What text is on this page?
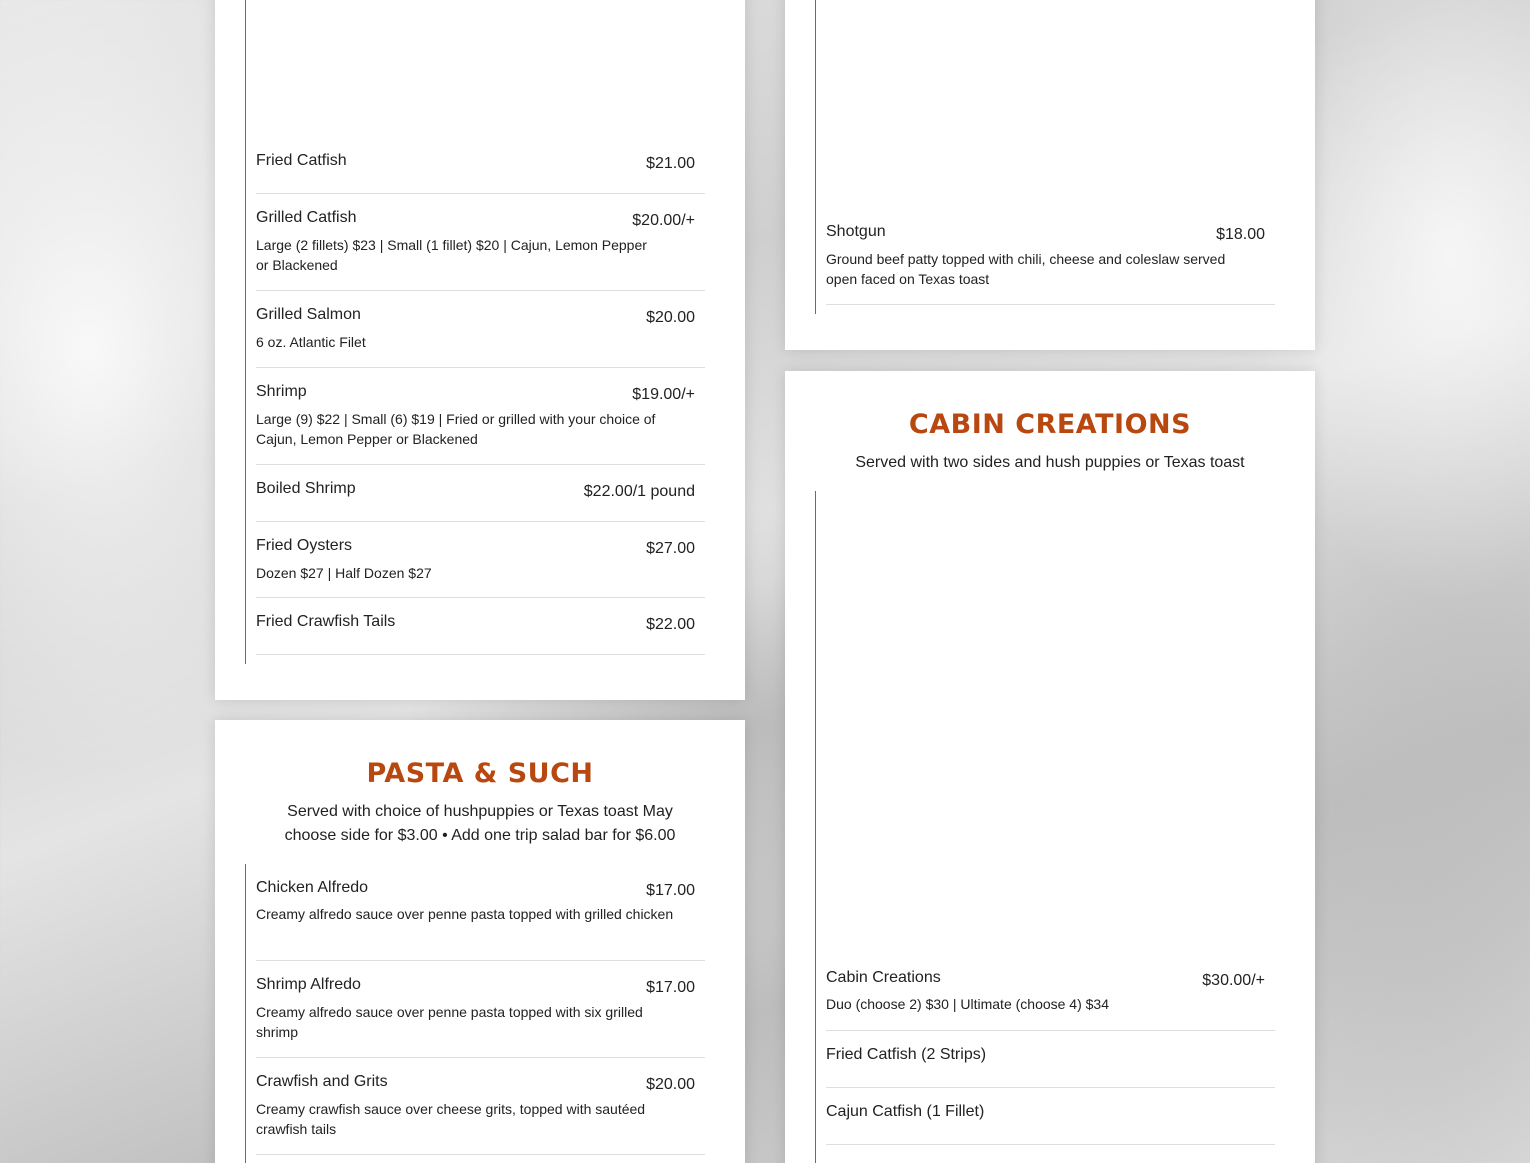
Fried Catfish	$21.00
Grilled Catfish	$20.00/+
Large (2 fillets) $23 | Small (1 fillet) $20 | Cajun, Lemon Pepper or Blackened
Grilled Salmon	$20.00
6 oz. Atlantic Filet
Shrimp	$19.00/+
Large (9) $22 | Small (6) $19 | Fried or grilled with your choice of Cajun, Lemon Pepper or Blackened
Boiled Shrimp	$22.00/1 pound
Fried Oysters	$27.00
Dozen $27 | Half Dozen $27
Fried Crawfish Tails	$22.00
PASTA & SUCH
Served with choice of hushpuppies or Texas toast May choose side for $3.00 • Add one trip salad bar for $6.00
Chicken Alfredo	$17.00
Creamy alfredo sauce over penne pasta topped with grilled chicken
Shrimp Alfredo	$17.00
Creamy alfredo sauce over penne pasta topped with six grilled shrimp
Crawfish and Grits	$20.00
Creamy crawfish sauce over cheese grits, topped with sautéed crawfish tails
Shotgun	$18.00
Ground beef patty topped with chili, cheese and coleslaw served open faced on Texas toast
CABIN CREATIONS
Served with two sides and hush puppies or Texas toast
Cabin Creations	$30.00/+
Duo (choose 2) $30 | Ultimate (choose 4) $34
Fried Catfish (2 Strips)
Cajun Catfish (1 Fillet)
